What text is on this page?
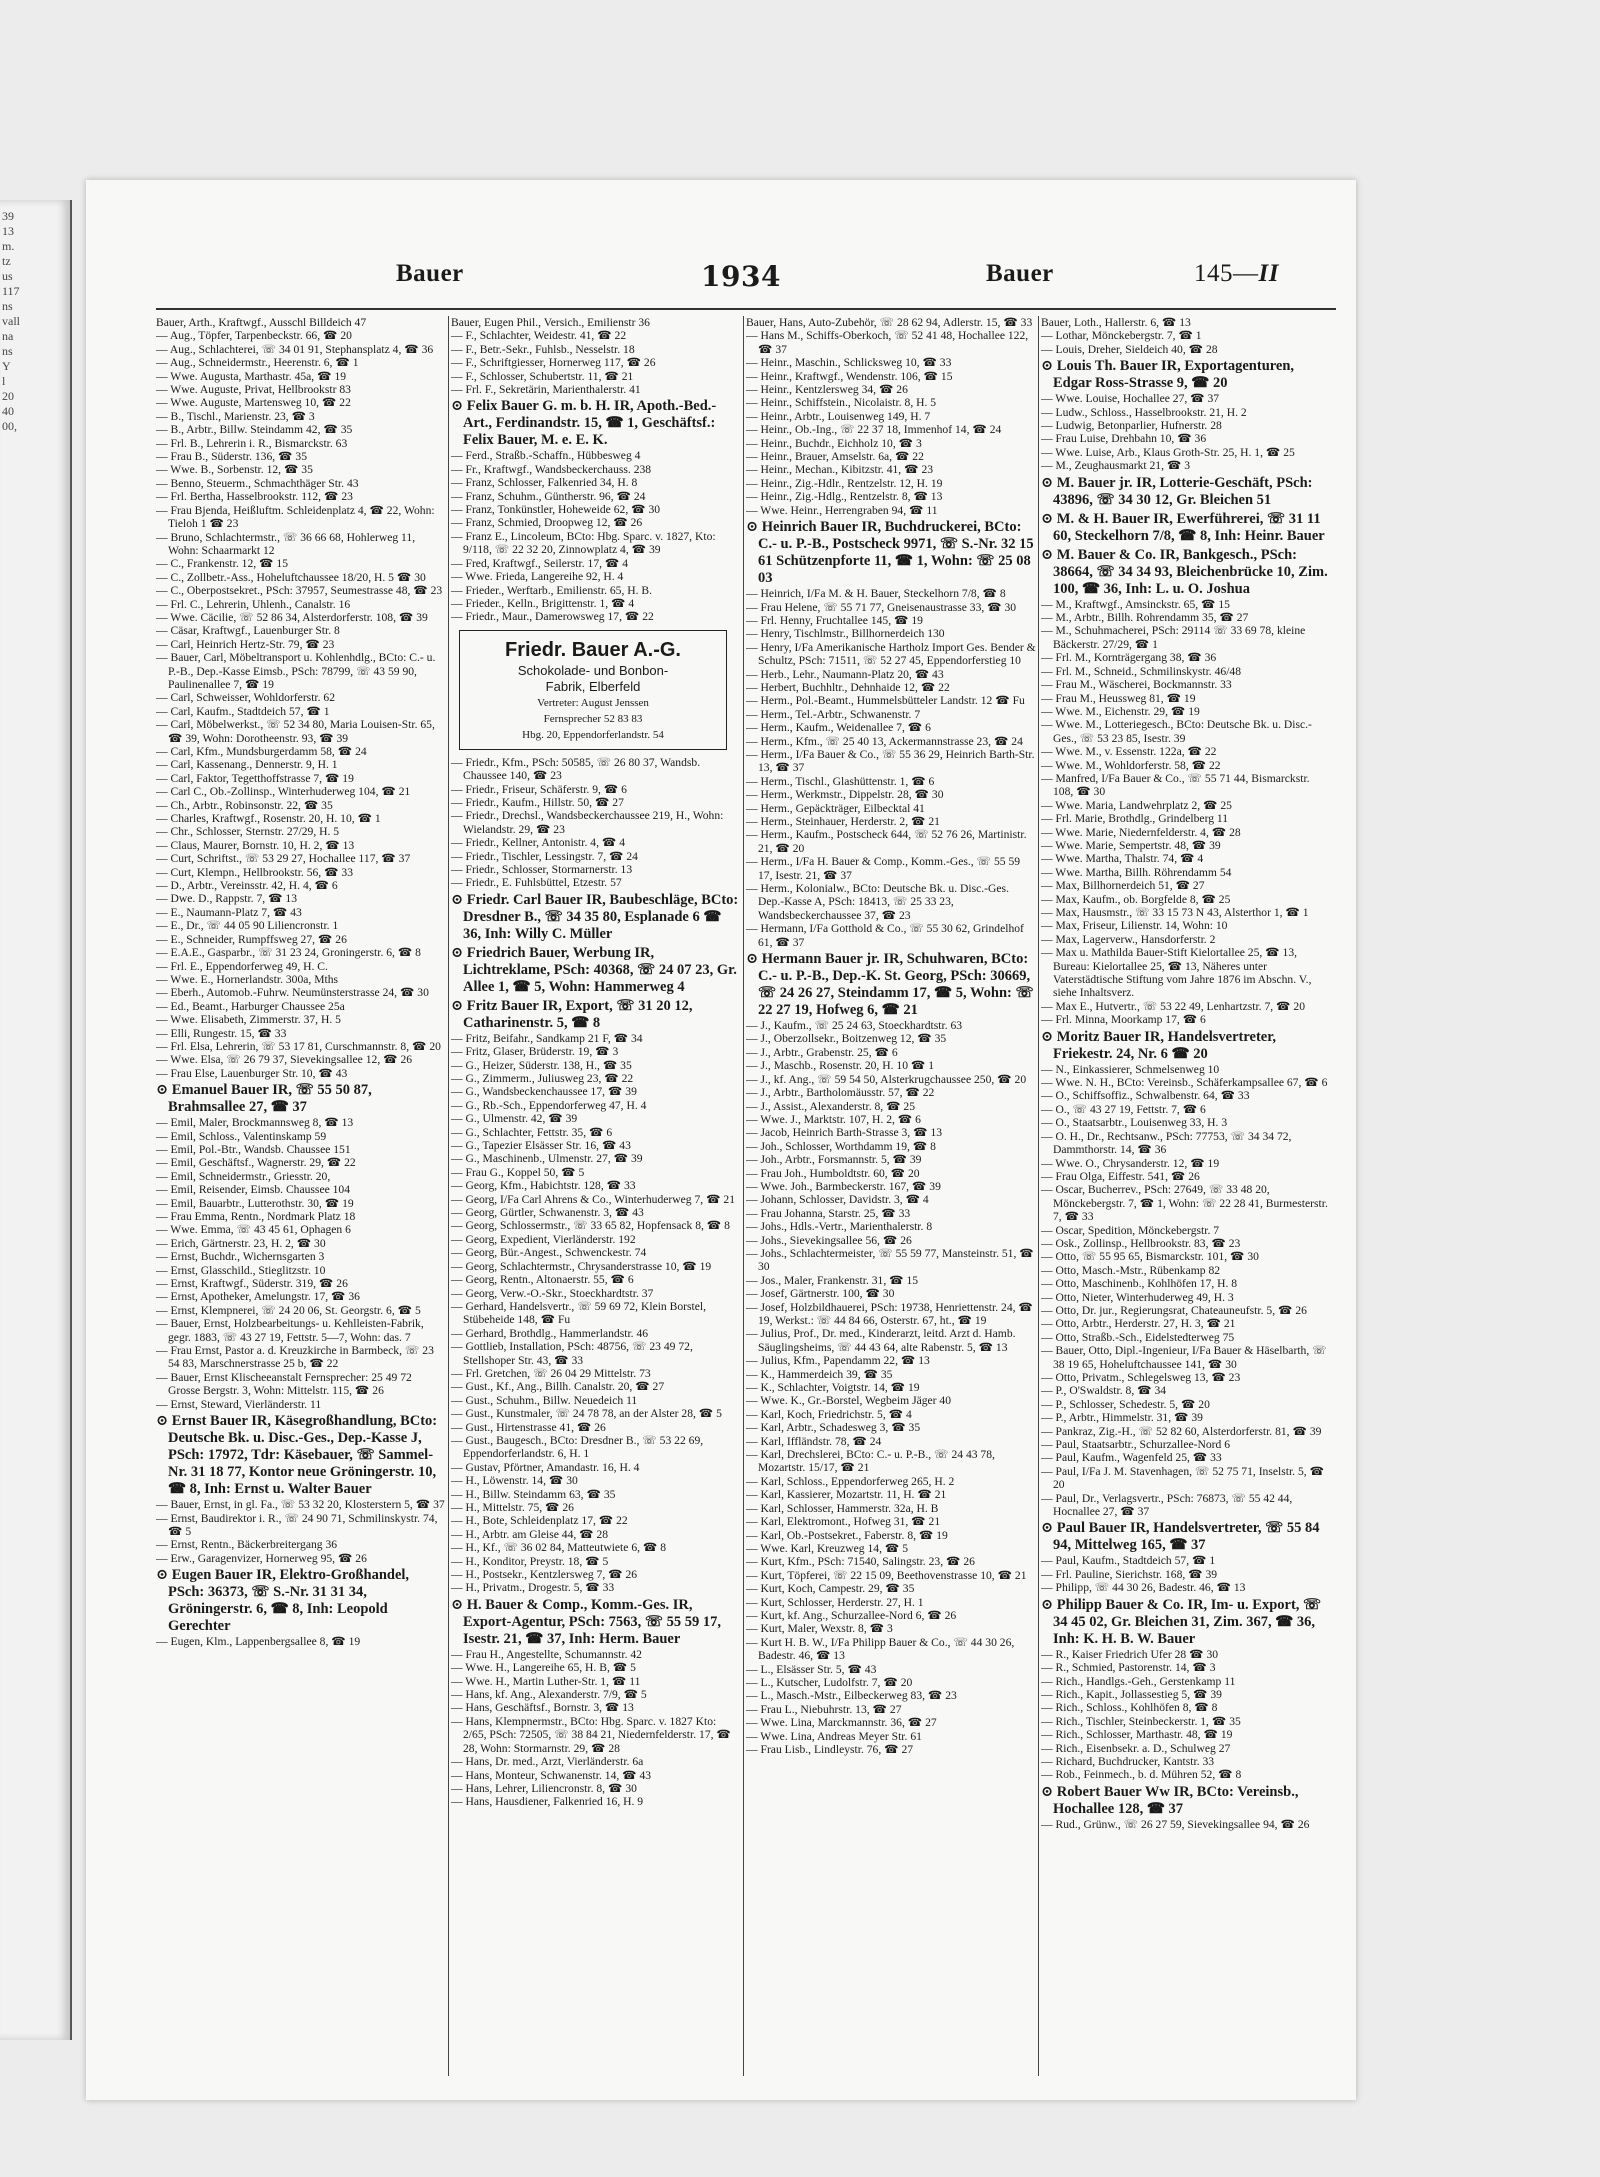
39
13
m.
tz
us
117
ns
vall
na
ns
Y
l
20
40
00,
Bauer	1934	Bauer	145—II

Bauer, Arth., Kraftwgf., Ausschl Billdeich 47

— Aug., Töpfer, Tarpenbeckstr. 66, ☎ 20

— Aug., Schlachterei, ☏ 34 01 91, Stephansplatz 4, ☎ 36

— Aug., Schneidermstr., Heerenstr. 6, ☎ 1

— Wwe. Augusta, Marthastr. 45a, ☎ 19

— Wwe. Auguste, Privat, Hellbrookstr 83

— Wwe. Auguste, Martensweg 10, ☎ 22

— B., Tischl., Marienstr. 23, ☎ 3

— B., Arbtr., Billw. Steindamm 42, ☎ 35

— Frl. B., Lehrerin i. R., Bismarckstr. 63

— Frau B., Süderstr. 136, ☎ 35

— Wwe. B., Sorbenstr. 12, ☎ 35

— Benno, Steuerm., Schmachthäger Str. 43

— Frl. Bertha, Hasselbrookstr. 112, ☎ 23

— Frau Bjenda, Heißluftm. Schleidenplatz 4, ☎ 22, Wohn: Tieloh 1 ☎ 23

— Bruno, Schlachtermstr., ☏ 36 66 68, Hohlerweg 11, Wohn: Schaarmarkt 12

— C., Frankenstr. 12, ☎ 15

— C., Zollbetr.-Ass., Hoheluftchaussee 18/20, H. 5 ☎ 30

— C., Oberpostsekret., PSch: 37957, Seumestrasse 48, ☎ 23

— Frl. C., Lehrerin, Uhlenh., Canalstr. 16

— Wwe. Cäcilie, ☏ 52 86 34, Alsterdorferstr. 108, ☎ 39

— Cäsar, Kraftwgf., Lauenburger Str. 8

— Carl, Heinrich Hertz-Str. 79, ☎ 23

— Bauer, Carl, Möbeltransport u. Kohlenhdlg., BCto: C.- u. P.-B., Dep.-Kasse Eimsb., PSch: 78799, ☏ 43 59 90, Paulinenallee 7, ☎ 19

— Carl, Schweisser, Wohldorferstr. 62

— Carl, Kaufm., Stadtdeich 57, ☎ 1

— Carl, Möbelwerkst., ☏ 52 34 80, Maria Louisen-Str. 65, ☎ 39, Wohn: Dorotheenstr. 93, ☎ 39

— Carl, Kfm., Mundsburgerdamm 58, ☎ 24

— Carl, Kassenang., Dennerstr. 9, H. 1

— Carl, Faktor, Tegetthoffstrasse 7, ☎ 19

— Carl C., Ob.-Zollinsp., Winterhuderweg 104, ☎ 21

— Ch., Arbtr., Robinsonstr. 22, ☎ 35

— Charles, Kraftwgf., Rosenstr. 20, H. 10, ☎ 1

— Chr., Schlosser, Sternstr. 27/29, H. 5

— Claus, Maurer, Bornstr. 10, H. 2, ☎ 13

— Curt, Schriftst., ☏ 53 29 27, Hochallee 117, ☎ 37

— Curt, Klempn., Hellbrookstr. 56, ☎ 33

— D., Arbtr., Vereinsstr. 42, H. 4, ☎ 6

— Dwe. D., Rappstr. 7, ☎ 13

— E., Naumann-Platz 7, ☎ 43

— E., Dr., ☏ 44 05 90 Liliencronstr. 1

— E., Schneider, Rumpffsweg 27, ☎ 26

— E.A.E., Gasparbr., ☏ 31 23 24, Groningerstr. 6, ☎ 8

— Frl. E., Eppendorferweg 49, H. C.

— Wwe. E., Hornerlandstr. 300a, Mths

— Eberh., Automob.-Fuhrw. Neumünsterstrasse 24, ☎ 30

— Ed., Beamt., Harburger Chaussee 25a

— Wwe. Elisabeth, Zimmerstr. 37, H. 5

— Elli, Rungestr. 15, ☎ 33

— Frl. Elsa, Lehrerin, ☏ 53 17 81, Curschmannstr. 8, ☎ 20

— Wwe. Elsa, ☏ 26 79 37, Sievekingsallee 12, ☎ 26

— Frau Else, Lauenburger Str. 10, ☎ 43

⊙ Emanuel Bauer IR, ☏ 55 50 87, Brahmsallee 27, ☎ 37

— Emil, Maler, Brockmannsweg 8, ☎ 13

— Emil, Schloss., Valentinskamp 59

— Emil, Pol.-Btr., Wandsb. Chaussee 151

— Emil, Geschäftsf., Wagnerstr. 29, ☎ 22

— Emil, Schneidermstr., Griesstr. 20,

— Emil, Reisender, Eimsb. Chaussee 104

— Emil, Bauarbtr., Lutterothstr. 30, ☎ 19

— Frau Emma, Rentn., Nordmark Platz 18

— Wwe. Emma, ☏ 43 45 61, Ophagen 6

— Erich, Gärtnerstr. 23, H. 2, ☎ 30

— Ernst, Buchdr., Wichernsgarten 3

— Ernst, Glasschild., Stieglitzstr. 10

— Ernst, Kraftwgf., Süderstr. 319, ☎ 26

— Ernst, Apotheker, Amelungstr. 17, ☎ 36

— Ernst, Klempnerei, ☏ 24 20 06, St. Georgstr. 6, ☎ 5

— Bauer, Ernst, Holzbearbeitungs- u. Kehlleisten-Fabrik, gegr. 1883, ☏ 43 27 19, Fettstr. 5—7, Wohn: das. 7

— Frau Ernst, Pastor a. d. Kreuzkirche in Barmbeck, ☏ 23 54 83, Marschnerstrasse 25 b, ☎ 22

— Bauer, Ernst Klischeeanstalt Fernsprecher: 25 49 72 Grosse Bergstr. 3, Wohn: Mittelstr. 115, ☎ 26

— Ernst, Steward, Vierländerstr. 11

⊙ Ernst Bauer IR, Käsegroßhandlung, BCto: Deutsche Bk. u. Disc.-Ges., Dep.-Kasse J, PSch: 17972, Tdr: Käsebauer, ☏ Sammel-Nr. 31 18 77, Kontor neue Gröningerstr. 10, ☎ 8, Inh: Ernst u. Walter Bauer

— Bauer, Ernst, in gl. Fa., ☏ 53 32 20, Klosterstern 5, ☎ 37

— Ernst, Baudirektor i. R., ☏ 24 90 71, Schmilinskystr. 74, ☎ 5

— Ernst, Rentn., Bäckerbreitergang 36

— Erw., Garagenvizer, Hornerweg 95, ☎ 26

⊙ Eugen Bauer IR, Elektro-Großhandel, PSch: 36373, ☏ S.-Nr. 31 31 34, Gröningerstr. 6, ☎ 8, Inh: Leopold Gerechter

— Eugen, Klm., Lappenbergsallee 8, ☎ 19

Bauer, Eugen Phil., Versich., Emilienstr 36

— F., Schlachter, Weidestr. 41, ☎ 22

— F., Betr.-Sekr., Fuhlsb., Nesselstr. 18

— F., Schriftgiesser, Hornerweg 117, ☎ 26

— F., Schlosser, Schubertstr. 11, ☎ 21

— Frl. F., Sekretärin, Marienthalerstr. 41

⊙ Felix Bauer G. m. b. H. IR, Apoth.-Bed.-Art., Ferdinandstr. 15, ☎ 1, Geschäftsf.: Felix Bauer, M. e. E. K.

— Ferd., Straßb.-Schaffn., Hübbesweg 4

— Fr., Kraftwgf., Wandsbeckerchauss. 238

— Franz, Schlosser, Falkenried 34, H. 8

— Franz, Schuhm., Güntherstr. 96, ☎ 24

— Franz, Tonkünstler, Hoheweide 62, ☎ 30

— Franz, Schmied, Droopweg 12, ☎ 26

— Franz E., Lincoleum, BCto: Hbg. Sparc. v. 1827, Kto: 9/118, ☏ 22 32 20, Zinnowplatz 4, ☎ 39

— Fred, Kraftwgf., Seilerstr. 17, ☎ 4

— Wwe. Frieda, Langereihe 92, H. 4

— Frieder., Werftarb., Emilienstr. 65, H. B.

— Frieder., Kelln., Brigittenstr. 1, ☎ 4

— Friedr., Maur., Damerowsweg 17, ☎ 22

Friedr. Bauer A.-G.
Schokolade- und Bonbon-
Fabrik, Elberfeld
Vertreter: August Jenssen
Fernsprecher 52 83 83
Hbg. 20, Eppendorferlandstr. 54

— Friedr., Kfm., PSch: 50585, ☏ 26 80 37, Wandsb. Chaussee 140, ☎ 23

— Friedr., Friseur, Schäferstr. 9, ☎ 6

— Friedr., Kaufm., Hillstr. 50, ☎ 27

— Friedr., Drechsl., Wandsbeckerchaussee 219, H., Wohn: Wielandstr. 29, ☎ 23

— Friedr., Kellner, Antonistr. 4, ☎ 4

— Friedr., Tischler, Lessingstr. 7, ☎ 24

— Friedr., Schlosser, Stormarnerstr. 13

— Friedr., E. Fuhlsbüttel, Etzestr. 57

⊙ Friedr. Carl Bauer IR, Baubeschläge, BCto: Dresdner B., ☏ 34 35 80, Esplanade 6 ☎ 36, Inh: Willy C. Müller

⊙ Friedrich Bauer, Werbung IR, Lichtreklame, PSch: 40368, ☏ 24 07 23, Gr. Allee 1, ☎ 5, Wohn: Hammerweg 4

⊙ Fritz Bauer IR, Export, ☏ 31 20 12, Catharinenstr. 5, ☎ 8

— Fritz, Beifahr., Sandkamp 21 F, ☎ 34

— Fritz, Glaser, Brüderstr. 19, ☎ 3

— G., Heizer, Süderstr. 138, H., ☎ 35

— G., Zimmerm., Juliusweg 23, ☎ 22

— G., Wandsbeckenchaussee 17, ☎ 39

— G., Rb.-Sch., Eppendorferweg 47, H. 4

— G., Ulmenstr. 42, ☎ 39

— G., Schlachter, Fettstr. 35, ☎ 6

— G., Tapezier Elsässer Str. 16, ☎ 43

— G., Maschinenb., Ulmenstr. 27, ☎ 39

— Frau G., Koppel 50, ☎ 5

— Georg, Kfm., Habichtstr. 128, ☎ 33

— Georg, I/Fa Carl Ahrens & Co., Winterhuderweg 7, ☎ 21

— Georg, Gürtler, Schwanenstr. 3, ☎ 43

— Georg, Schlossermstr., ☏ 33 65 82, Hopfensack 8, ☎ 8

— Georg, Expedient, Vierländerstr. 192

— Georg, Bür.-Angest., Schwenckestr. 74

— Georg, Schlachtermstr., Chrysanderstrasse 10, ☎ 19

— Georg, Rentn., Altonaerstr. 55, ☎ 6

— Georg, Verw.-O.-Skr., Stoeckhardtstr. 37

— Gerhard, Handelsvertr., ☏ 59 69 72, Klein Borstel, Stübeheide 148, ☎ Fu

— Gerhard, Brothdlg., Hammerlandstr. 46

— Gottlieb, Installation, PSch: 48756, ☏ 23 49 72, Stellshoper Str. 43, ☎ 33

— Frl. Gretchen, ☏ 26 04 29 Mittelstr. 73

— Gust., Kf., Ang., Billh. Canalstr. 20, ☎ 27

— Gust., Schuhm., Billw. Neuedeich 11

— Gust., Kunstmaler, ☏ 24 78 78, an der Alster 28, ☎ 5

— Gust., Hirtenstrasse 41, ☎ 26

— Gust., Baugesch., BCto: Dresdner B., ☏ 53 22 69, Eppendorferlandstr. 6, H. 1

— Gustav, Pförtner, Amandastr. 16, H. 4

— H., Löwenstr. 14, ☎ 30

— H., Billw. Steindamm 63, ☎ 35

— H., Mittelstr. 75, ☎ 26

— H., Bote, Schleidenplatz 17, ☎ 22

— H., Arbtr. am Gleise 44, ☎ 28

— H., Kf., ☏ 36 02 84, Matteutwiete 6, ☎ 8

— H., Konditor, Preystr. 18, ☎ 5

— H., Postsekr., Kentzlersweg 7, ☎ 26

— H., Privatm., Drogestr. 5, ☎ 33

⊙ H. Bauer & Comp., Komm.-Ges. IR, Export-Agentur, PSch: 7563, ☏ 55 59 17, Isestr. 21, ☎ 37, Inh: Herm. Bauer

— Frau H., Angestellte, Schumannstr. 42

— Wwe. H., Langereihe 65, H. B, ☎ 5

— Wwe. H., Martin Luther-Str. 1, ☎ 11

— Hans, kf. Ang., Alexanderstr. 7/9, ☎ 5

— Hans, Geschäftsf., Bornstr. 3, ☎ 13

— Hans, Klempnermstr., BCto: Hbg. Sparc. v. 1827 Kto: 2/65, PSch: 72505, ☏ 38 84 21, Niedernfelderstr. 17, ☎ 28, Wohn: Stormarnstr. 29, ☎ 28

— Hans, Dr. med., Arzt, Vierländerstr. 6a

— Hans, Monteur, Schwanenstr. 14, ☎ 43

— Hans, Lehrer, Liliencronstr. 8, ☎ 30

— Hans, Hausdiener, Falkenried 16, H. 9

Bauer, Hans, Auto-Zubehör, ☏ 28 62 94, Adlerstr. 15, ☎ 33

— Hans M., Schiffs-Oberkoch, ☏ 52 41 48, Hochallee 122, ☎ 37

— Heinr., Maschin., Schlicksweg 10, ☎ 33

— Heinr., Kraftwgf., Wendenstr. 106, ☎ 15

— Heinr., Kentzlersweg 34, ☎ 26

— Heinr., Schiffstein., Nicolaistr. 8, H. 5

— Heinr., Arbtr., Louisenweg 149, H. 7

— Heinr., Ob.-Ing., ☏ 22 37 18, Immenhof 14, ☎ 24

— Heinr., Buchdr., Eichholz 10, ☎ 3

— Heinr., Brauer, Amselstr. 6a, ☎ 22

— Heinr., Mechan., Kibitzstr. 41, ☎ 23

— Heinr., Zig.-Hdlr., Rentzelstr. 12, H. 19

— Heinr., Zig.-Hdlg., Rentzelstr. 8, ☎ 13

— Wwe. Heinr., Herrengraben 94, ☎ 11

⊙ Heinrich Bauer IR, Buchdruckerei, BCto: C.- u. P.-B., Postscheck 9971, ☏ S.-Nr. 32 15 61 Schützenpforte 11, ☎ 1, Wohn: ☏ 25 08 03

— Heinrich, I/Fa M. & H. Bauer, Steckelhorn 7/8, ☎ 8

— Frau Helene, ☏ 55 71 77, Gneisenaustrasse 33, ☎ 30

— Frl. Henny, Fruchtallee 145, ☎ 19

— Henry, Tischlmstr., Billhornerdeich 130

— Henry, I/Fa Amerikanische Hartholz Import Ges. Bender & Schultz, PSch: 71511, ☏ 52 27 45, Eppendorferstieg 10

— Herb., Lehr., Naumann-Platz 20, ☎ 43

— Herbert, Buchhltr., Dehnhaide 12, ☎ 22

— Herm., Pol.-Beamt., Hummelsbütteler Landstr. 12 ☎ Fu

— Herm., Tel.-Arbtr., Schwanenstr. 7

— Herm., Kaufm., Weidenallee 7, ☎ 6

— Herm., Kfm., ☏ 25 40 13, Ackermannstrasse 23, ☎ 24

— Herm., I/Fa Bauer & Co., ☏ 55 36 29, Heinrich Barth-Str. 13, ☎ 37

— Herm., Tischl., Glashüttenstr. 1, ☎ 6

— Herm., Werkmstr., Dippelstr. 28, ☎ 30

— Herm., Gepäckträger, Eilbecktal 41

— Herm., Steinhauer, Herderstr. 2, ☎ 21

— Herm., Kaufm., Postscheck 644, ☏ 52 76 26, Martinistr. 21, ☎ 20

— Herm., I/Fa H. Bauer & Comp., Komm.-Ges., ☏ 55 59 17, Isestr. 21, ☎ 37

— Herm., Kolonialw., BCto: Deutsche Bk. u. Disc.-Ges. Dep.-Kasse A, PSch: 18413, ☏ 25 33 23, Wandsbeckerchaussee 37, ☎ 23

— Hermann, I/Fa Gotthold & Co., ☏ 55 30 62, Grindelhof 61, ☎ 37

⊙ Hermann Bauer jr. IR, Schuhwaren, BCto: C.- u. P.-B., Dep.-K. St. Georg, PSch: 30669, ☏ 24 26 27, Steindamm 17, ☎ 5, Wohn: ☏ 22 27 19, Hofweg 6, ☎ 21

— J., Kaufm., ☏ 25 24 63, Stoeckhardtstr. 63

— J., Oberzollsekr., Boitzenweg 12, ☎ 35

— J., Arbtr., Grabenstr. 25, ☎ 6

— J., Maschb., Rosenstr. 20, H. 10 ☎ 1

— J., kf. Ang., ☏ 59 54 50, Alsterkrugchaussee 250, ☎ 20

— J., Arbtr., Bartholomäusstr. 57, ☎ 22

— J., Assist., Alexanderstr. 8, ☎ 25

— Wwe. J., Marktstr. 107, H. 2, ☎ 6

— Jacob, Heinrich Barth-Strasse 3, ☎ 13

— Joh., Schlosser, Worthdamm 19, ☎ 8

— Joh., Arbtr., Forsmannstr. 5, ☎ 39

— Frau Joh., Humboldtstr. 60, ☎ 20

— Wwe. Joh., Barmbeckerstr. 167, ☎ 39

— Johann, Schlosser, Davidstr. 3, ☎ 4

— Frau Johanna, Starstr. 25, ☎ 33

— Johs., Hdls.-Vertr., Marienthalerstr. 8

— Johs., Sievekingsallee 56, ☎ 26

— Johs., Schlachtermeister, ☏ 55 59 77, Mansteinstr. 51, ☎ 30

— Jos., Maler, Frankenstr. 31, ☎ 15

— Josef, Gärtnerstr. 100, ☎ 30

— Josef, Holzbildhauerei, PSch: 19738, Henriettenstr. 24, ☎ 19, Werkst.: ☏ 44 84 66, Osterstr. 67, ht., ☎ 19

— Julius, Prof., Dr. med., Kinderarzt, leitd. Arzt d. Hamb. Säuglingsheims, ☏ 44 43 64, alte Rabenstr. 5, ☎ 13

— Julius, Kfm., Papendamm 22, ☎ 13

— K., Hammerdeich 39, ☎ 35

— K., Schlachter, Voigtstr. 14, ☎ 19

— Wwe. K., Gr.-Borstel, Wegbeim Jäger 40

— Karl, Koch, Friedrichstr. 5, ☎ 4

— Karl, Arbtr., Schadesweg 3, ☎ 35

— Karl, Iffländstr. 78, ☎ 24

— Karl, Drechslerei, BCto: C.- u. P.-B., ☏ 24 43 78, Mozartstr. 15/17, ☎ 21

— Karl, Schloss., Eppendorferweg 265, H. 2

— Karl, Kassierer, Mozartstr. 11, H. ☎ 21

— Karl, Schlosser, Hammerstr. 32a, H. B

— Karl, Elektromont., Hofweg 31, ☎ 21

— Karl, Ob.-Postsekret., Faberstr. 8, ☎ 19

— Wwe. Karl, Kreuzweg 14, ☎ 5

— Kurt, Kfm., PSch: 71540, Salingstr. 23, ☎ 26

— Kurt, Töpferei, ☏ 22 15 09, Beethovenstrasse 10, ☎ 21

— Kurt, Koch, Campestr. 29, ☎ 35

— Kurt, Schlosser, Herderstr. 27, H. 1

— Kurt, kf. Ang., Schurzallee-Nord 6, ☎ 26

— Kurt, Maler, Wexstr. 8, ☎ 3

— Kurt H. B. W., I/Fa Philipp Bauer & Co., ☏ 44 30 26, Badestr. 46, ☎ 13

— L., Elsässer Str. 5, ☎ 43

— L., Kutscher, Ludolfstr. 7, ☎ 20

— L., Masch.-Mstr., Eilbeckerweg 83, ☎ 23

— Frau L., Niebuhrstr. 13, ☎ 27

— Wwe. Lina, Marckmannstr. 36, ☎ 27

— Wwe. Lina, Andreas Meyer Str. 61

— Frau Lisb., Lindleystr. 76, ☎ 27

Bauer, Loth., Hallerstr. 6, ☎ 13

— Lothar, Mönckebergstr. 7, ☎ 1

— Louis, Dreher, Sieldeich 40, ☎ 28

⊙ Louis Th. Bauer IR, Exportagenturen, Edgar Ross-Strasse 9, ☎ 20

— Wwe. Louise, Hochallee 27, ☎ 37

— Ludw., Schloss., Hasselbrookstr. 21, H. 2

— Ludwig, Betonparlier, Hufnerstr. 28

— Frau Luise, Drehbahn 10, ☎ 36

— Wwe. Luise, Arb., Klaus Groth-Str. 25, H. 1, ☎ 25

— M., Zeughausmarkt 21, ☎ 3

⊙ M. Bauer jr. IR, Lotterie-Geschäft, PSch: 43896, ☏ 34 30 12, Gr. Bleichen 51

⊙ M. & H. Bauer IR, Ewerführerei, ☏ 31 11 60, Steckelhorn 7/8, ☎ 8, Inh: Heinr. Bauer

⊙ M. Bauer & Co. IR, Bankgesch., PSch: 38664, ☏ 34 34 93, Bleichenbrücke 10, Zim. 100, ☎ 36, Inh: L. u. O. Joshua

— M., Kraftwgf., Amsinckstr. 65, ☎ 15

— M., Arbtr., Billh. Rohrendamm 35, ☎ 27

— M., Schuhmacherei, PSch: 29114 ☏ 33 69 78, kleine Bäckerstr. 27/29, ☎ 1

— Frl. M., Kornträgergang 38, ☎ 36

— Frl. M., Schneid., Schmilinskystr. 46/48

— Frau M., Wäscherei, Bockmannstr. 33

— Frau M., Heussweg 81, ☎ 19

— Wwe. M., Eichenstr. 29, ☎ 19

— Wwe. M., Lotteriegesch., BCto: Deutsche Bk. u. Disc.-Ges., ☏ 53 23 85, Isestr. 39

— Wwe. M., v. Essenstr. 122a, ☎ 22

— Wwe. M., Wohldorferstr. 58, ☎ 22

— Manfred, I/Fa Bauer & Co., ☏ 55 71 44, Bismarckstr. 108, ☎ 30

— Wwe. Maria, Landwehrplatz 2, ☎ 25

— Frl. Marie, Brothdlg., Grindelberg 11

— Wwe. Marie, Niedernfelderstr. 4, ☎ 28

— Wwe. Marie, Sempertstr. 48, ☎ 39

— Wwe. Martha, Thalstr. 74, ☎ 4

— Wwe. Martha, Billh. Röhrendamm 54

— Max, Billhornerdeich 51, ☎ 27

— Max, Kaufm., ob. Borgfelde 8, ☎ 25

— Max, Hausmstr., ☏ 33 15 73 N 43, Alsterthor 1, ☎ 1

— Max, Friseur, Lilienstr. 14, Wohn: 10

— Max, Lagerverw., Hansdorferstr. 2

— Max u. Mathilda Bauer-Stift Kielortallee 25, ☎ 13, Bureau: Kielortallee 25, ☎ 13, Näheres unter Vaterstädtische Stiftung vom Jahre 1876 im Abschn. V., siehe Inhaltsverz.

— Max E., Hutvertr., ☏ 53 22 49, Lenhartzstr. 7, ☎ 20

— Frl. Minna, Moorkamp 17, ☎ 6

⊙ Moritz Bauer IR, Handelsvertreter, Friekestr. 24, Nr. 6 ☎ 20

— N., Einkassierer, Schmelsenweg 10

— Wwe. N. H., BCto: Vereinsb., Schäferkampsallee 67, ☎ 6

— O., Schiffsoffiz., Schwalbenstr. 64, ☎ 33

— O., ☏ 43 27 19, Fettstr. 7, ☎ 6

— O., Staatsarbtr., Louisenweg 33, H. 3

— O. H., Dr., Rechtsanw., PSch: 77753, ☏ 34 34 72, Dammthorstr. 14, ☎ 36

— Wwe. O., Chrysanderstr. 12, ☎ 19

— Frau Olga, Eiffestr. 541, ☎ 26

— Oscar, Bucherrev., PSch: 27649, ☏ 33 48 20, Mönckebergstr. 7, ☎ 1, Wohn: ☏ 22 28 41, Burmesterstr. 7, ☎ 33

— Oscar, Spedition, Mönckebergstr. 7

— Osk., Zollinsp., Hellbrookstr. 83, ☎ 23

— Otto, ☏ 55 95 65, Bismarckstr. 101, ☎ 30

— Otto, Masch.-Mstr., Rübenkamp 82

— Otto, Maschinenb., Kohlhöfen 17, H. 8

— Otto, Nieter, Winterhuderweg 49, H. 3

— Otto, Dr. jur., Regierungsrat, Chateauneufstr. 5, ☎ 26

— Otto, Arbtr., Herderstr. 27, H. 3, ☎ 21

— Otto, Straßb.-Sch., Eidelstedterweg 75

— Bauer, Otto, Dipl.-Ingenieur, I/Fa Bauer & Häselbarth, ☏ 38 19 65, Hoheluftchaussee 141, ☎ 30

— Otto, Privatm., Schlegelsweg 13, ☎ 23

— P., O'Swaldstr. 8, ☎ 34

— P., Schlosser, Schedestr. 5, ☎ 20

— P., Arbtr., Himmelstr. 31, ☎ 39

— Pankraz, Zig.-H., ☏ 52 82 60, Alsterdorferstr. 81, ☎ 39

— Paul, Staatsarbtr., Schurzallee-Nord 6

— Paul, Kaufm., Wagenfeld 25, ☎ 33

— Paul, I/Fa J. M. Stavenhagen, ☏ 52 75 71, Inselstr. 5, ☎ 20

— Paul, Dr., Verlagsvertr., PSch: 76873, ☏ 55 42 44, Hocnallee 27, ☎ 37

⊙ Paul Bauer IR, Handelsvertreter, ☏ 55 84 94, Mittelweg 165, ☎ 37

— Paul, Kaufm., Stadtdeich 57, ☎ 1

— Frl. Pauline, Sierichstr. 168, ☎ 39

— Philipp, ☏ 44 30 26, Badestr. 46, ☎ 13

⊙ Philipp Bauer & Co. IR, Im- u. Export, ☏ 34 45 02, Gr. Bleichen 31, Zim. 367, ☎ 36, Inh: K. H. B. W. Bauer

— R., Kaiser Friedrich Ufer 28 ☎ 30

— R., Schmied, Pastorenstr. 14, ☎ 3

— Rich., Handlgs.-Geh., Gerstenkamp 11

— Rich., Kapit., Jollassestieg 5, ☎ 39

— Rich., Schloss., Kohlhöfen 8, ☎ 8

— Rich., Tischler, Steinbeckerstr. 1, ☎ 35

— Rich., Schlosser, Marthastr. 48, ☎ 19

— Rich., Eisenbsekr. a. D., Schulweg 27

— Richard, Buchdrucker, Kantstr. 33

— Rob., Feinmech., b. d. Mühren 52, ☎ 8

⊙ Robert Bauer Ww IR, BCto: Vereinsb., Hochallee 128, ☎ 37

— Rud., Grünw., ☏ 26 27 59, Sievekingsallee 94, ☎ 26
